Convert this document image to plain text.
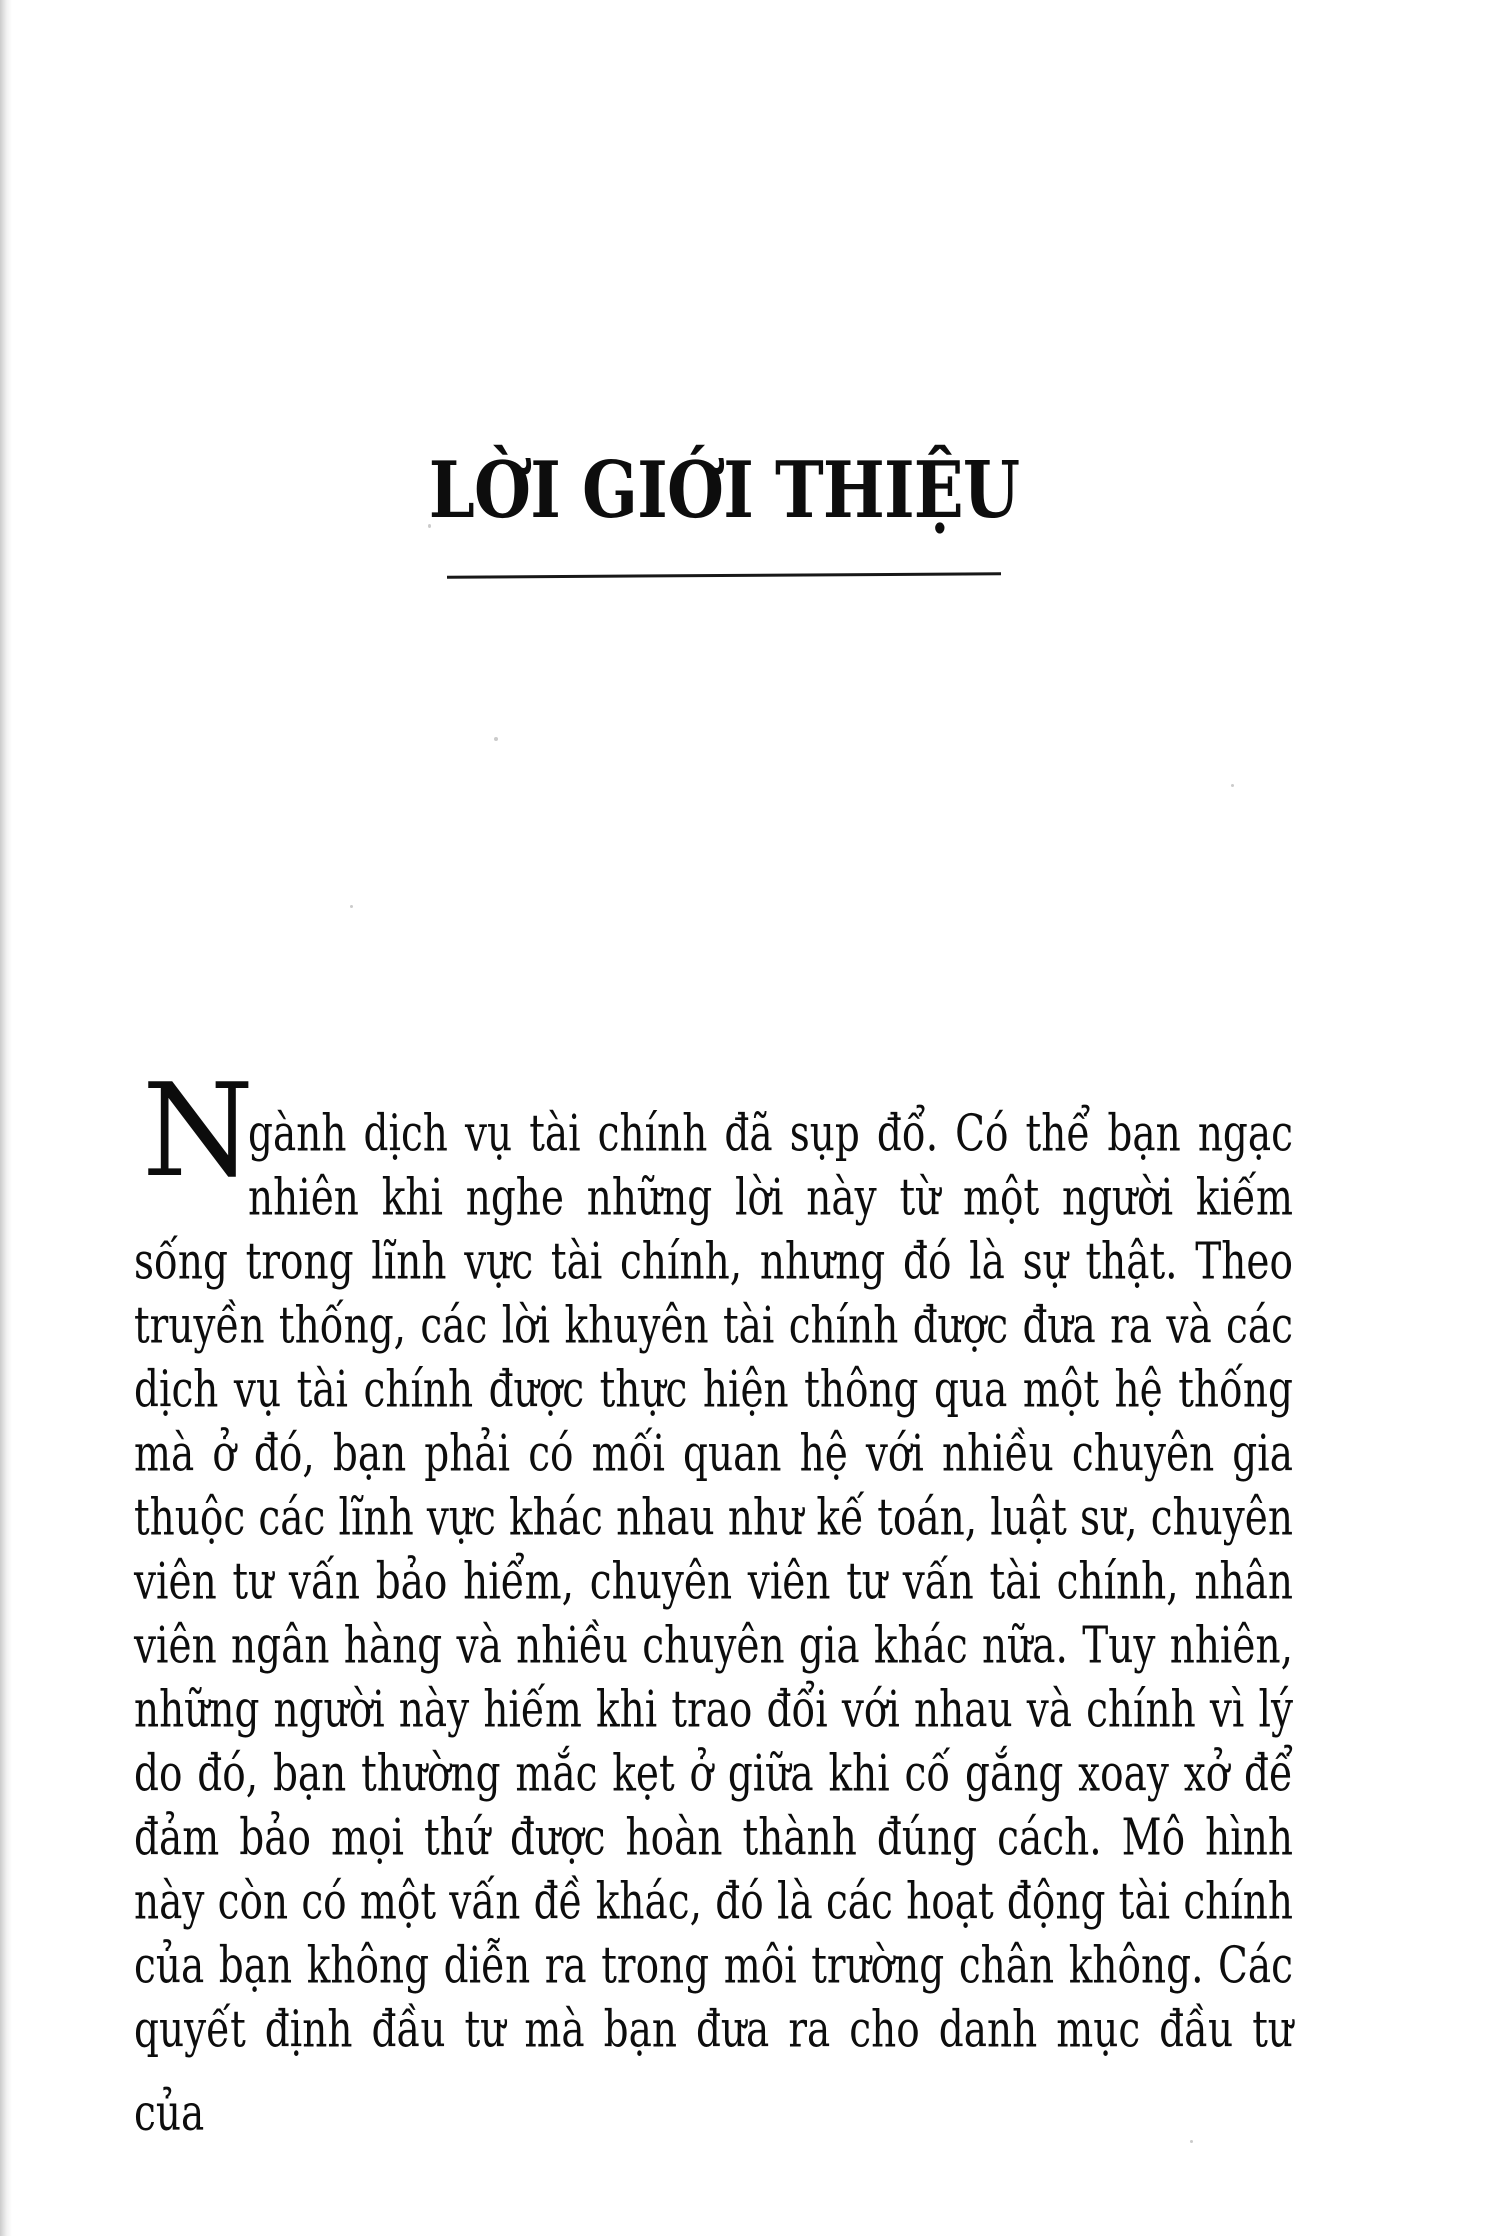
LỜI GIỚI THIỆU
N
gành dịch vụ tài chính đã sụp đổ. Có thể bạn ngạc
nhiên khi nghe những lời này từ một người kiếm
sống trong lĩnh vực tài chính, nhưng đó là sự thật. Theo
truyền thống, các lời khuyên tài chính được đưa ra và các
dịch vụ tài chính được thực hiện thông qua một hệ thống
mà ở đó, bạn phải có mối quan hệ với nhiều chuyên gia
thuộc các lĩnh vực khác nhau như kế toán, luật sư, chuyên
viên tư vấn bảo hiểm, chuyên viên tư vấn tài chính, nhân
viên ngân hàng và nhiều chuyên gia khác nữa. Tuy nhiên,
những người này hiếm khi trao đổi với nhau và chính vì lý
do đó, bạn thường mắc kẹt ở giữa khi cố gắng xoay xở để
đảm bảo mọi thứ được hoàn thành đúng cách. Mô hình
này còn có một vấn đề khác, đó là các hoạt động tài chính
của bạn không diễn ra trong môi trường chân không. Các
quyết định đầu tư mà bạn đưa ra cho danh mục đầu tư của
